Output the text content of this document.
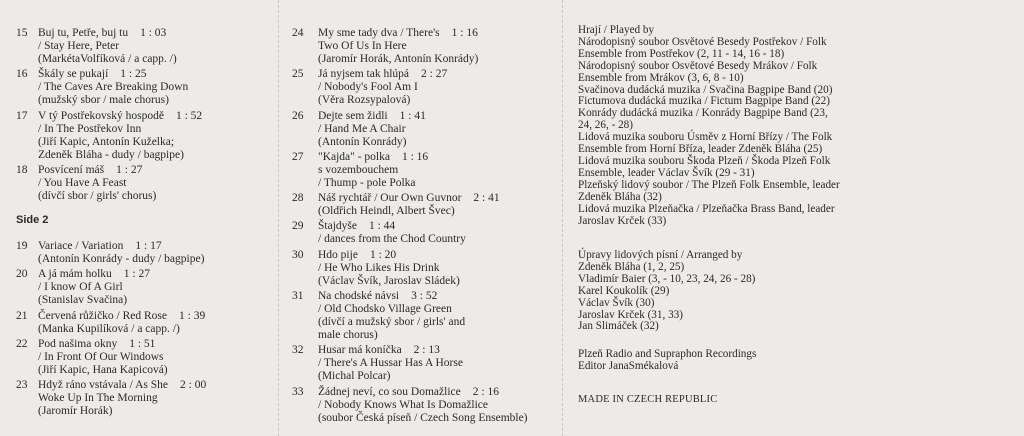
15 Buj tu, Petře, buj tu 1 : 03
/ Stay Here, Peter
(MarkétaVolfíková / a capp. /)
16 Škály se pukají 1 : 25
/ The Caves Are Breaking Down
(mužský sbor / male chorus)
17 V tý Postřekovský hospodě 1 : 52
/ In The Postřekov Inn
(Jiří Kapic, Antonín Kuželka;
Zdeněk Bláha - dudy / bagpipe)
18 Posvícení máš 1 : 27
/ You Have A Feast
(dívčí sbor / girls' chorus)
Side 2
19 Variace / Variation 1 : 17
(Antonín Konrády - dudy / bagpipe)
20 A já mám holku 1 : 27
/ I know Of A Girl
(Stanislav Svačina)
21 Červená růžičko / Red Rose 1 : 39
(Manka Kupilíková / a capp. /)
22 Pod našima okny 1 : 51
/ In Front Of Our Windows
(Jiří Kapic, Hana Kapicová)
23 Hdyž ráno vstávala / As She 2 : 00
Woke Up In The Morning
(Jaromír Horák)
24	My sme tady dva / There's 1 : 16
Two Of Us In Here
(Jaromír Horák, Antonín Konrády)
25	Já nyjsem tak hlúpá 2 : 27
/ Nobody's Fool Am I
(Věra Rozsypalová)
26	Dejte sem židli 1 : 41
/ Hand Me A Chair
(Antonín Konrády)
27	"Kajda" - polka 1 : 16
s vozembouchem
/ Thump - pole Polka
28	Náš rychtář / Our Own Guvnor 2 : 41
(Oldřich Heindl, Albert Švec)
29	Štajdyše 1 : 44
/ dances from the Chod Country
30	Hdo pije 1 : 20
/ He Who Likes His Drink
(Václav Švík, Jaroslav Sládek)
31	Na chodské návsi 3 : 52
/ Old Chodsko Village Green
(dívčí a mužský sbor / girls' and
male chorus)
32	Husar má koníčka 2 : 13
/ There's A Hussar Has A Horse
(Michal Polcar)
33	Žádnej neví, co sou Domažlice 2 : 16
/ Nobody Knows What Is Domažlice
(soubor Česká píseň / Czech Song Ensemble)
Hrají / Played by
Národopisný soubor Osvětové Besedy Postřekov / Folk
Ensemble from Postřekov (2, 11 - 14, 16 - 18)
Národopisný soubor Osvětové Besedy Mrákov / Folk
Ensemble from Mrákov (3, 6, 8 - 10)
Svačinova dudácká muzika / Svačina Bagpipe Band (20)
Fictumova dudácká muzika / Fictum Bagpipe Band (22)
Konrády dudácká muzika / Konrády Bagpipe Band (23,
24, 26, - 28)
Lidová muzika souboru Úsměv z Horní Břízy / The Folk
Ensemble from Horní Bříza, leader Zdeněk Bláha (25)
Lidová muzika souboru Škoda Plzeň / Škoda Plzeň Folk
Ensemble, leader Václav Švík (29 - 31)
Plzeňský lidový soubor / The Plzeň Folk Ensemble, leader
Zdeněk Bláha (32)
Lidová muzika Plzeňačka / Plzeňačka Brass Band, leader
Jaroslav Krček (33)
Úpravy lidových písní / Arranged by
Zdeněk Bláha (1, 2, 25)
Vladimír Baier (3, - 10, 23, 24, 26 - 28)
Karel Koukolík (29)
Václav Švík (30)
Jaroslav Krček (31, 33)
Jan Slimáček (32)
Plzeň Radio and Supraphon Recordings
Editor JanaSmékalová
MADE IN CZECH REPUBLIC
